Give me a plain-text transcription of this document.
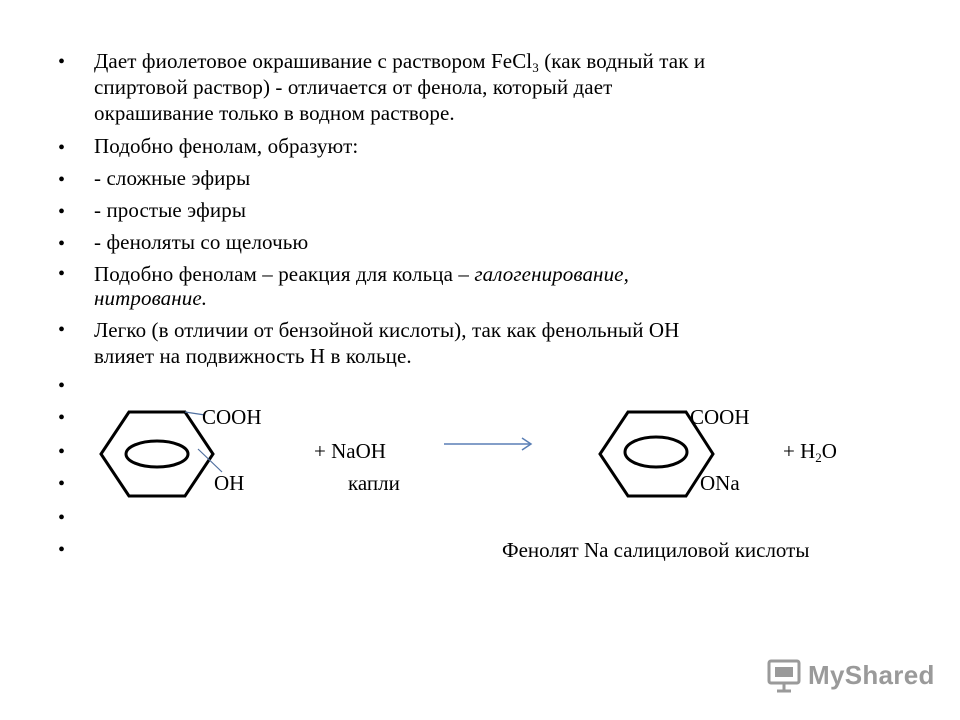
•
•
•
•
•
•
•
•
•
•
•
•
•
Дает фиолетовое окрашивание с раствором FeCl$_3$ (как водный так и
спиртовой раствор) - отличается от фенола, который дает
окрашивание только в водном растворе.
Подобно фенолам, образуют:
- сложные эфиры
- простые эфиры
- феноляты со щелочью
Подобно фенолам – реакция для кольца – галогенирование,
нитрование.
Легко (в отличии от бензойной кислоты), так как фенольный ОН
влияет на подвижность Н в кольце.
COOH
+ NaOH
OH	капли
COOH
+ $H_2O$
ONa
Фенолят Na салициловой кислоты
MyShared
